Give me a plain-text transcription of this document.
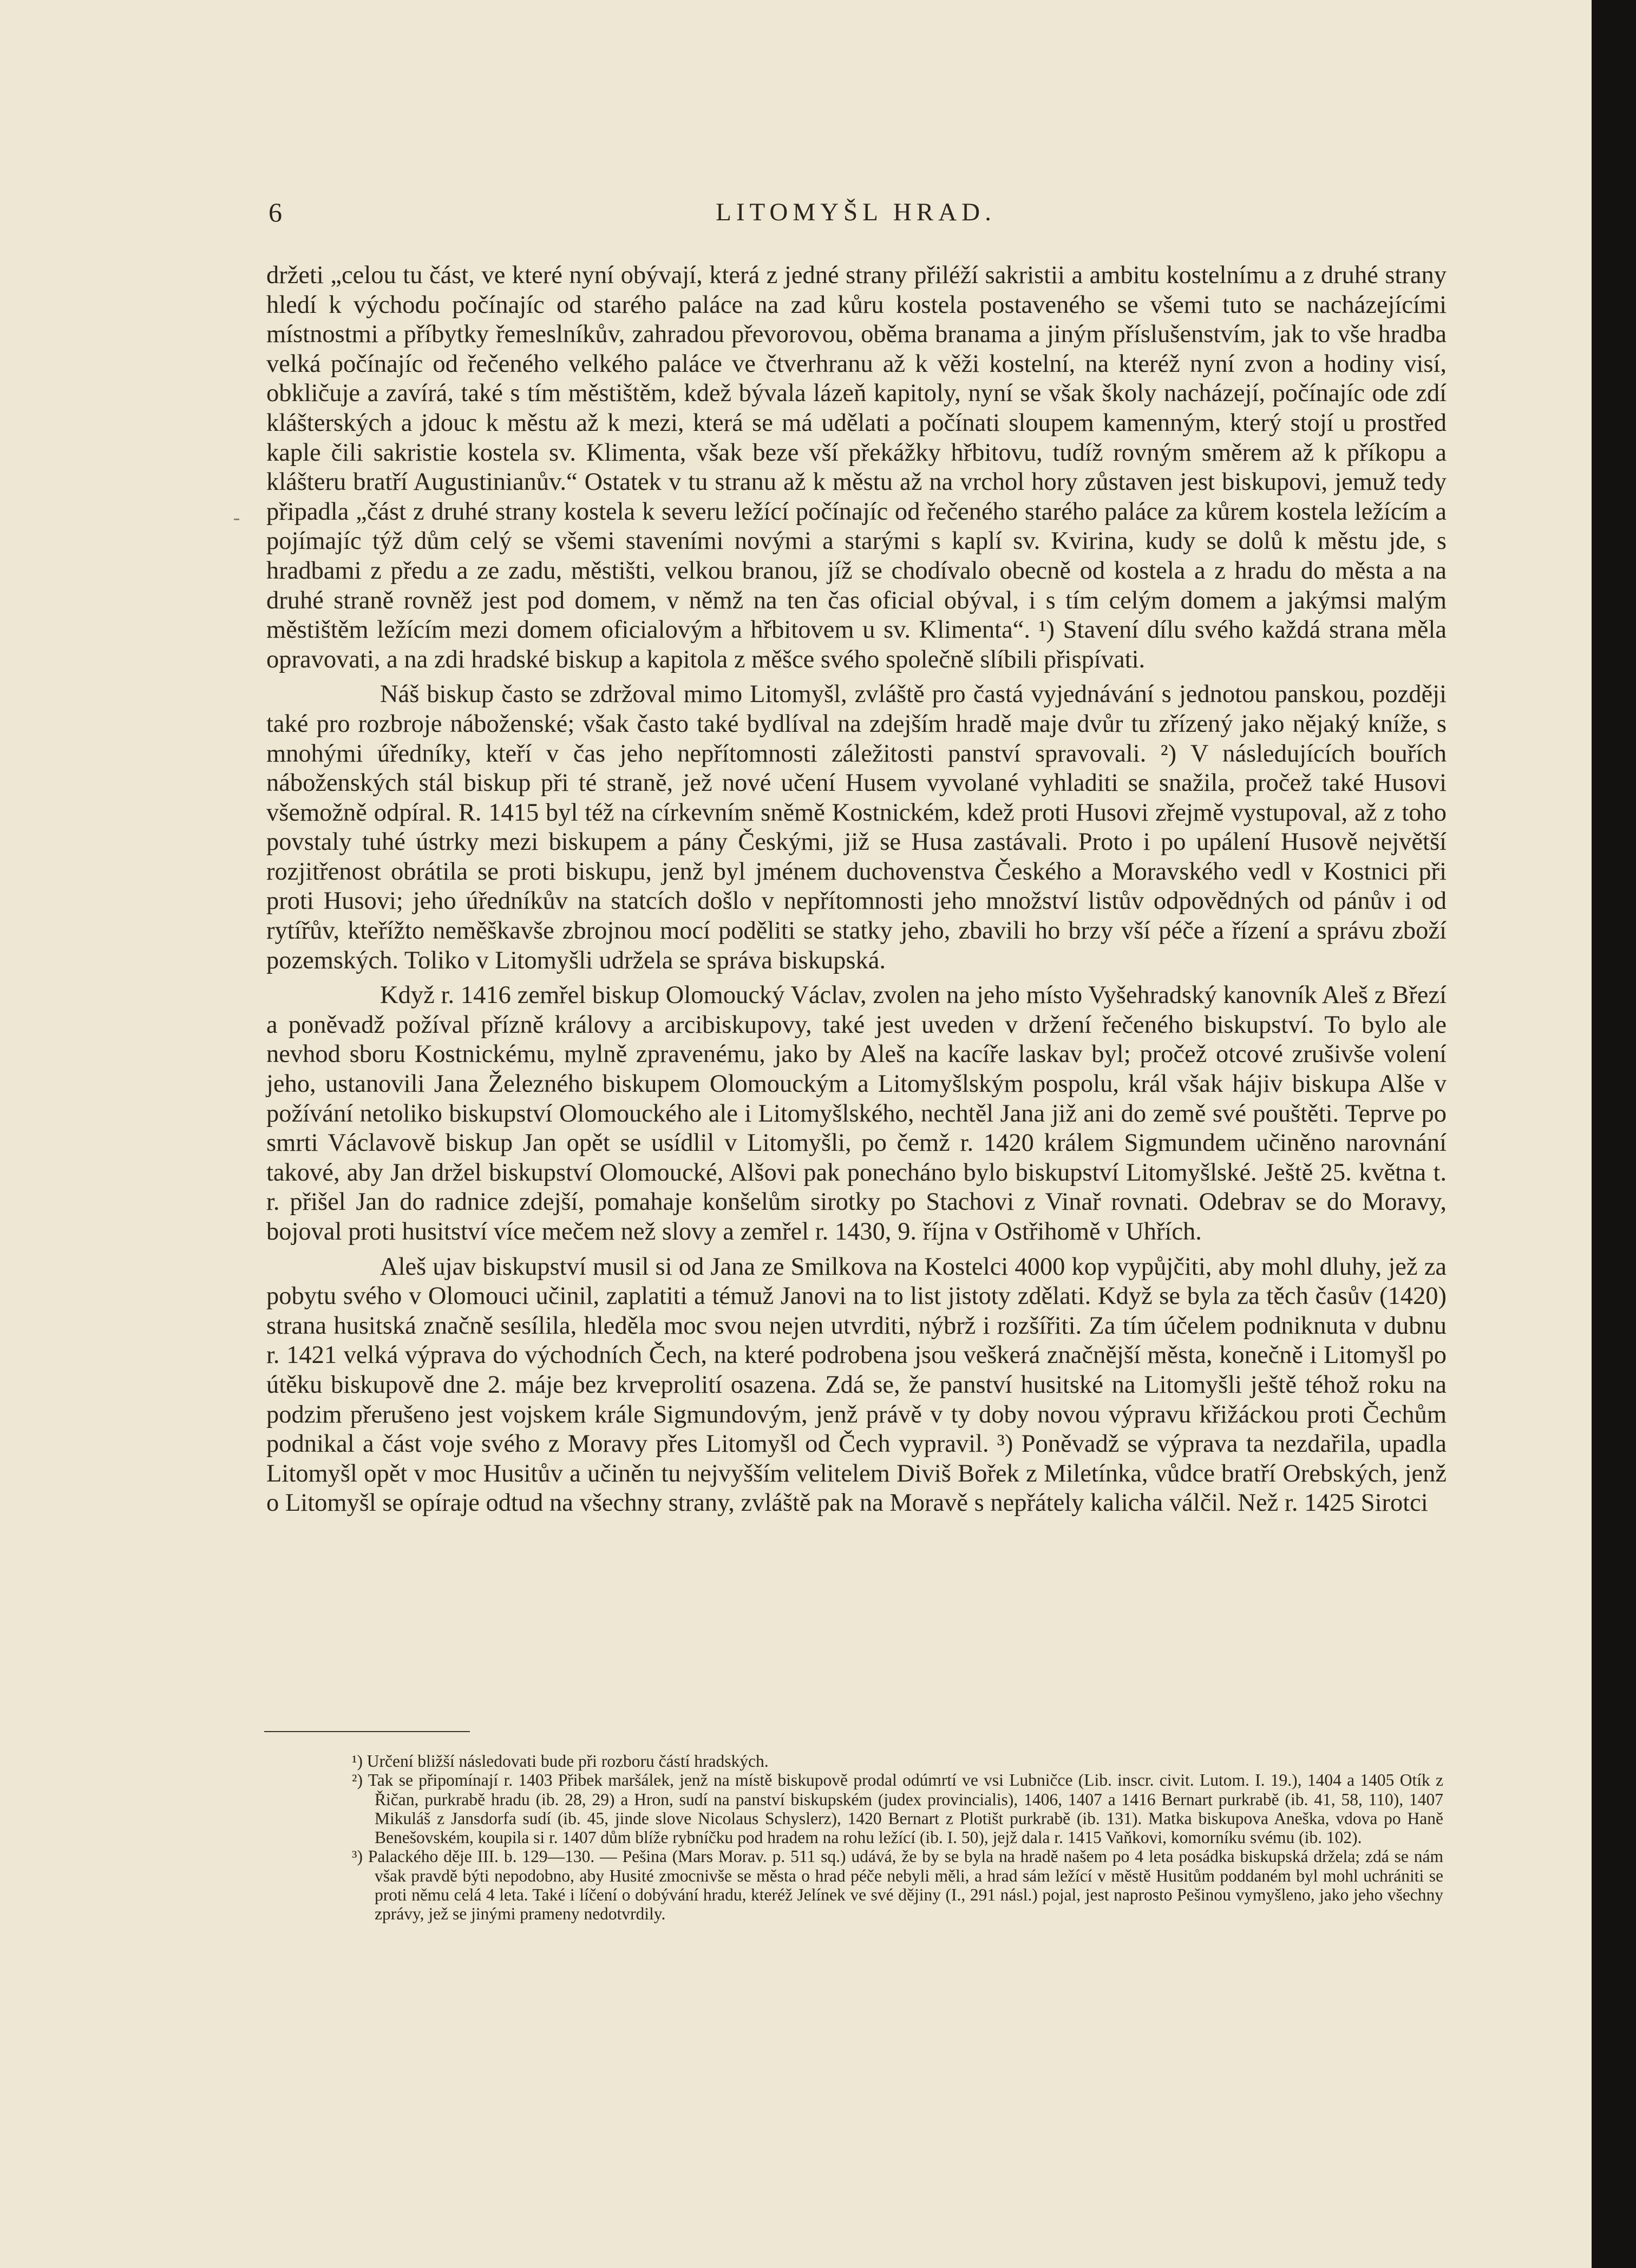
6	LITOMYŠL HRAD.

držeti „celou tu část, ve které nyní obývají, která z jedné strany přiléží sakristii a ambitu kostelnímu a z druhé strany hledí k východu počínajíc od starého paláce na zad kůru kostela postaveného se všemi tuto se nacházejícími místnostmi a příbytky řemeslníkův, zahradou převorovou, oběma branama a jiným příslušenstvím, jak to vše hradba velká počínajíc od řečeného velkého paláce ve čtverhranu až k věži kostelní, na kteréž nyní zvon a hodiny visí, obkličuje a zavírá, také s tím městištěm, kdež bývala lázeň kapitoly, nyní se však školy nacházejí, počínajíc ode zdí klášterských a jdouc k městu až k mezi, která se má udělati a počínati sloupem kamenným, který stojí u prostřed kaple čili sakristie kostela sv. Klimenta, však beze vší překážky hřbitovu, tudíž rovným směrem až k příkopu a klášteru bratří Augustinianův.“ Ostatek v tu stranu až k městu až na vrchol hory zůstaven jest biskupovi, jemuž tedy připadla „část z druhé strany kostela k severu ležící počínajíc od řečeného starého paláce za kůrem kostela ležícím a pojímajíc týž dům celý se všemi staveními novými a starými s kaplí sv. Kvirina, kudy se dolů k městu jde, s hradbami z předu a ze zadu, městišti, velkou branou, jíž se chodívalo obecně od kostela a z hradu do města a na druhé straně rovněž jest pod domem, v němž na ten čas oficial obýval, i s tím celým domem a jakýmsi malým městištěm ležícím mezi domem oficialovým a hřbitovem u sv. Klimenta“. ¹) Stavení dílu svého každá strana měla opravovati, a na zdi hradské biskup a kapitola z měšce svého společně slíbili přispívati.

Náš biskup často se zdržoval mimo Litomyšl, zvláště pro častá vyjednávání s jednotou panskou, později také pro rozbroje náboženské; však často také bydlíval na zdejším hradě maje dvůr tu zřízený jako nějaký kníže, s mnohými úředníky, kteří v čas jeho nepřítomnosti záležitosti panství spravovali. ²) V následujících bouřích náboženských stál biskup při té straně, jež nové učení Husem vyvolané vyhladiti se snažila, pročež také Husovi všemožně odpíral. R. 1415 byl též na církevním sněmě Kostnickém, kdež proti Husovi zřejmě vystupoval, až z toho povstaly tuhé ústrky mezi biskupem a pány Českými, již se Husa zastávali. Proto i po upálení Husově největší rozjitřenost obrátila se proti biskupu, jenž byl jménem duchovenstva Českého a Moravského vedl v Kostnici při proti Husovi; jeho úředníkův na statcích došlo v nepřítomnosti jeho množství listův odpovědných od pánův i od rytířův, kteřížto neměškavše zbrojnou mocí poděliti se statky jeho, zbavili ho brzy vší péče a řízení a správu zboží pozemských. Toliko v Litomyšli udržela se správa biskupská.

Když r. 1416 zemřel biskup Olomoucký Václav, zvolen na jeho místo Vyšehradský kanovník Aleš z Březí a poněvadž požíval přízně královy a arcibiskupovy, také jest uveden v držení řečeného biskupství. To bylo ale nevhod sboru Kostnickému, mylně zpravenému, jako by Aleš na kacíře laskav byl; pročež otcové zrušivše volení jeho, ustanovili Jana Železného biskupem Olomouckým a Litomyšlským pospolu, král však hájiv biskupa Alše v požívání netoliko biskupství Olomouckého ale i Litomyšlského, nechtěl Jana již ani do země své pouštěti. Teprve po smrti Václavově biskup Jan opět se usídlil v Litomyšli, po čemž r. 1420 králem Sigmundem učiněno narovnání takové, aby Jan držel biskupství Olomoucké, Alšovi pak ponecháno bylo biskupství Litomyšlské. Ještě 25. května t. r. přišel Jan do radnice zdejší, pomahaje konšelům sirotky po Stachovi z Vinař rovnati. Odebrav se do Moravy, bojoval proti husitství více mečem než slovy a zemřel r. 1430, 9. října v Ostřihomě v Uhřích.

Aleš ujav biskupství musil si od Jana ze Smilkova na Kostelci 4000 kop vypůjčiti, aby mohl dluhy, jež za pobytu svého v Olomouci učinil, zaplatiti a témuž Janovi na to list jistoty zdělati. Když se byla za těch časův (1420) strana husitská značně sesílila, hleděla moc svou nejen utvrditi, nýbrž i rozšířiti. Za tím účelem podniknuta v dubnu r. 1421 velká výprava do východních Čech, na které podrobena jsou veškerá značnější města, konečně i Litomyšl po útěku biskupově dne 2. máje bez krveprolití osazena. Zdá se, že panství husitské na Litomyšli ještě téhož roku na podzim přerušeno jest vojskem krále Sigmundovým, jenž právě v ty doby novou výpravu křižáckou proti Čechům podnikal a část voje svého z Moravy přes Litomyšl od Čech vypravil. ³) Poněvadž se výprava ta nezdařila, upadla Litomyšl opět v moc Husitův a učiněn tu nejvyšším velitelem Diviš Bořek z Miletínka, vůdce bratří Orebských, jenž o Litomyšl se opíraje odtud na všechny strany, zvláště pak na Moravě s nepřátely kalicha válčil. Než r. 1425 Sirotci

¹) Určení bližší následovati bude při rozboru částí hradských.

²) Tak se připomínají r. 1403 Přibek maršálek, jenž na místě biskupově prodal odúmrtí ve vsi Lubničce (Lib. inscr. civit. Lutom. I. 19.), 1404 a 1405 Otík z Řičan, purkrabě hradu (ib. 28, 29) a Hron, sudí na panství biskupském (judex provincialis), 1406, 1407 a 1416 Bernart purkrabě (ib. 41, 58, 110), 1407 Mikuláš z Jansdorfa sudí (ib. 45, jinde slove Nicolaus Schyslerz), 1420 Bernart z Plotišt purkrabě (ib. 131). Matka biskupova Aneška, vdova po Haně Benešovském, koupila si r. 1407 dům blíže rybníčku pod hradem na rohu ležící (ib. I. 50), jejž dala r. 1415 Vaňkovi, komorníku svému (ib. 102).

³) Palackého děje III. b. 129—130. — Pešina (Mars Morav. p. 511 sq.) udává, že by se byla na hradě našem po 4 leta posádka biskupská držela; zdá se nám však pravdě býti nepodobno, aby Husité zmocnivše se města o hrad péče nebyli měli, a hrad sám ležící v městě Husitům poddaném byl mohl uchrániti se proti němu celá 4 leta. Také i líčení o dobývání hradu, kteréž Jelínek ve své dějiny (I., 291 násl.) pojal, jest naprosto Pešinou vymyšleno, jako jeho všechny zprávy, jež se jinými prameny nedotvrdily.
